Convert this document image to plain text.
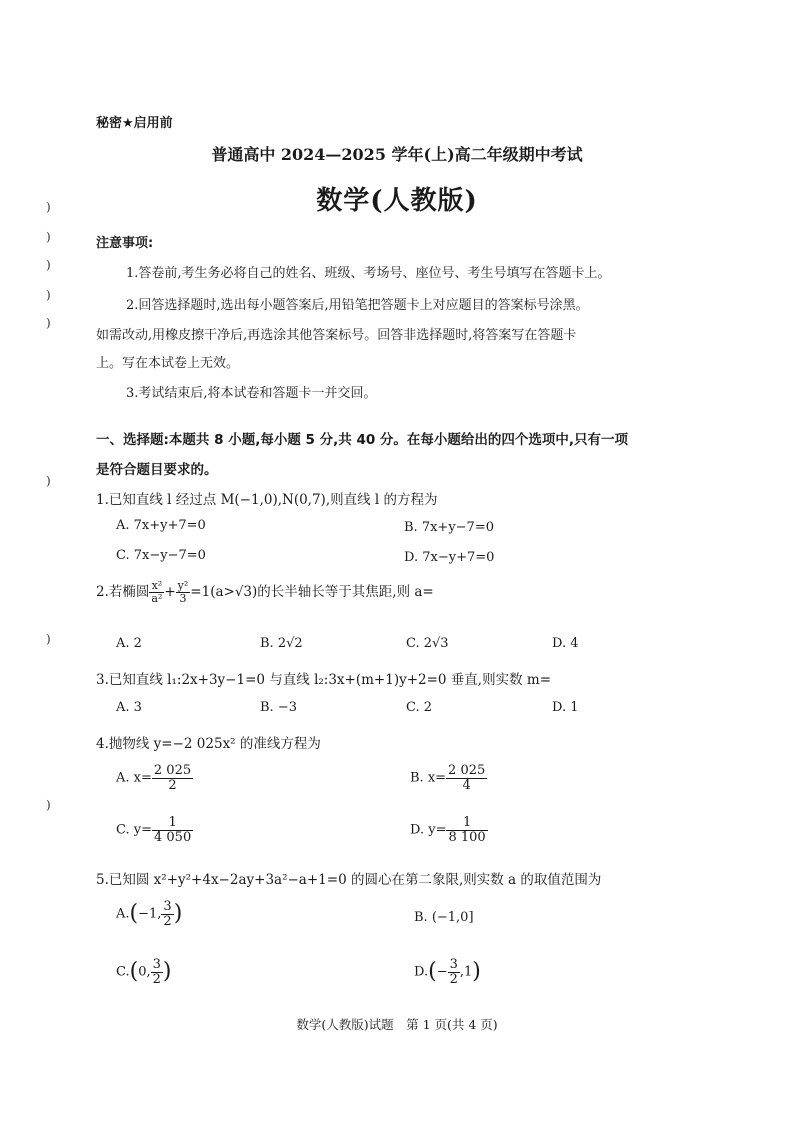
)
)
)
)
)
)
)
)
秘密★启用前
普通高中 2024—2025 学年(上)高二年级期中考试
数学(人教版)
注意事项:
1.答卷前,考生务必将自己的姓名、班级、考场号、座位号、考生号填写在答题卡上。
2.回答选择题时,选出每小题答案后,用铅笔把答题卡上对应题目的答案标号涂黑。
如需改动,用橡皮擦干净后,再选涂其他答案标号。回答非选择题时,将答案写在答题卡
上。写在本试卷上无效。
3.考试结束后,将本试卷和答题卡一并交回。
一、选择题:本题共 8 小题,每小题 5 分,共 40 分。在每小题给出的四个选项中,只有一项
是符合题目要求的。
1.已知直线 l 经过点 M(−1,0),N(0,7),则直线 l 的方程为
A. 7x+y+7=0	B. 7x+y−7=0
C. 7x−y−7=0	D. 7x−y+7=0
2.若椭圆 $\frac{\text{x²}}{\text{a²}} + \frac{\text{y²}}{3} =1(a>√3)$的长半轴长等于其焦距,则 a=
A. 2	B. 2√2	C. 2√3	D. 4
3.已知直线 l₁:2x+3y−1=0 与直线 l₂:3x+(m+1)y+2=0 垂直,则实数 m=
A. 3	B. −3	C. 2	D. 1
4.抛物线 y=−2 025x² 的准线方程为
A. $x= \frac{2 025}{2}$	B. $x= \frac{2 025}{4}$
C. $y= \frac{1}{4 050}$	D. $y= \frac{1}{8 100}$
5.已知圆 x²+y²+4x−2ay+3a²−a+1=0 的圆心在第二象限,则实数 a 的取值范围为
A.(−1, $\frac{3}{2}$ )	B. (−1,0]
C.(0, $\frac{3}{2}$ )	$D.(- \frac{3}{2} ,1)$
数学(人教版)试题　第 1 页(共 4 页)
